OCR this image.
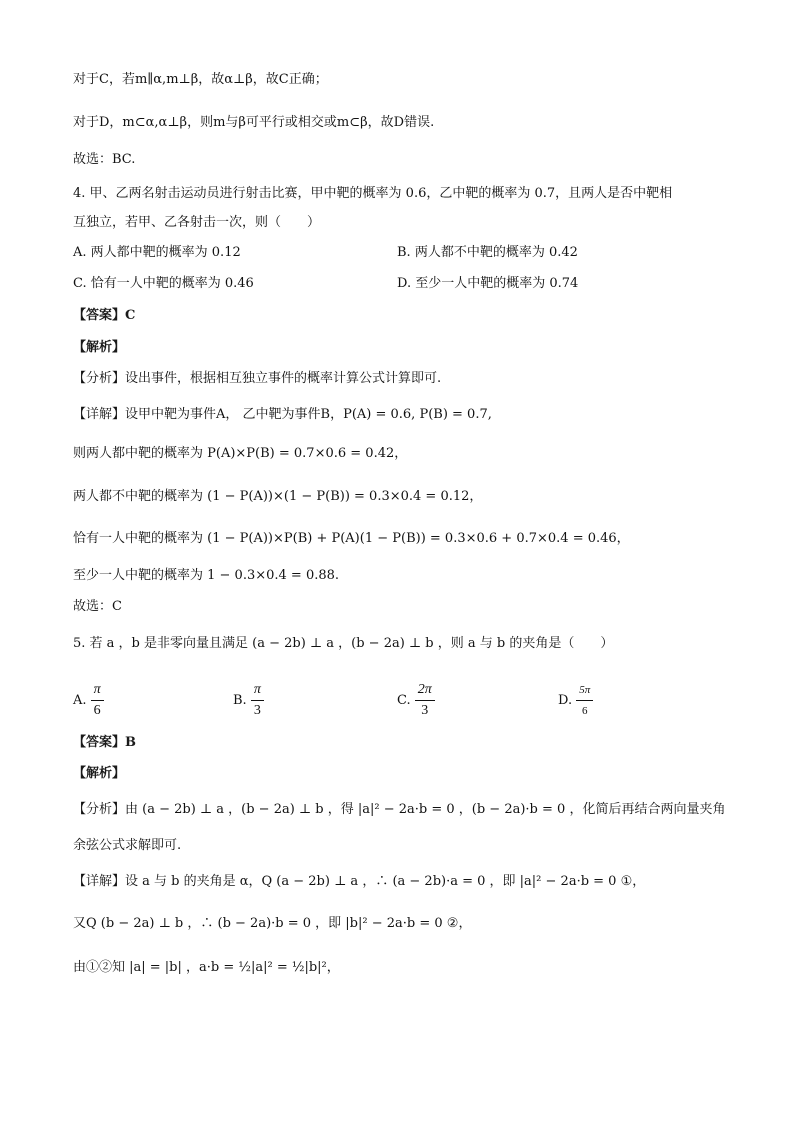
对于C，若m∥α,m⊥β，故α⊥β，故C正确；
对于D，m⊂α,α⊥β，则m与β可平行或相交或m⊂β，故D错误.
故选：BC.
4. 甲、乙两名射击运动员进行射击比赛，甲中靶的概率为 0.6，乙中靶的概率为 0.7，且两人是否中靶相
互独立，若甲、乙各射击一次，则（　　）
A. 两人都中靶的概率为 0.12	B. 两人都不中靶的概率为 0.42
C. 恰有一人中靶的概率为 0.46	D. 至少一人中靶的概率为 0.74
【答案】C
【解析】
【分析】设出事件，根据相互独立事件的概率计算公式计算即可.
【详解】设甲中靶为事件A， 乙中靶为事件B，P(A) = 0.6, P(B) = 0.7,
则两人都中靶的概率为 P(A)×P(B) = 0.7×0.6 = 0.42，
两人都不中靶的概率为 (1 − P(A))×(1 − P(B)) = 0.3×0.4 = 0.12，
恰有一人中靶的概率为 (1 − P(A))×P(B) + P(A)(1 − P(B)) = 0.3×0.6 + 0.7×0.4 = 0.46，
至少一人中靶的概率为 1 − 0.3×0.4 = 0.88.
故选：C
5. 若 a ，b 是非零向量且满足 (a − 2b) ⊥ a ，(b − 2a) ⊥ b ，则 a 与 b 的夹角是（　　）
A. $\frac{\pi}{6}$	B. $\frac{\pi}{3}$	C. $\frac{2\pi}{3}$	D. $\frac{5\pi}{6}$
【答案】B
【解析】
【分析】由 (a − 2b) ⊥ a ，(b − 2a) ⊥ b ，得 |a|² − 2a·b = 0 ，(b − 2a)·b = 0 ，化简后再结合两向量夹角
余弦公式求解即可.
【详解】设 a 与 b 的夹角是 α，Q (a − 2b) ⊥ a ，∴ (a − 2b)·a = 0 ，即 |a|² − 2a·b = 0 ①，
又Q (b − 2a) ⊥ b ，∴ (b − 2a)·b = 0 ，即 |b|² − 2a·b = 0 ②，
由①②知 |a| = |b| ，a·b = ½|a|² = ½|b|²，
